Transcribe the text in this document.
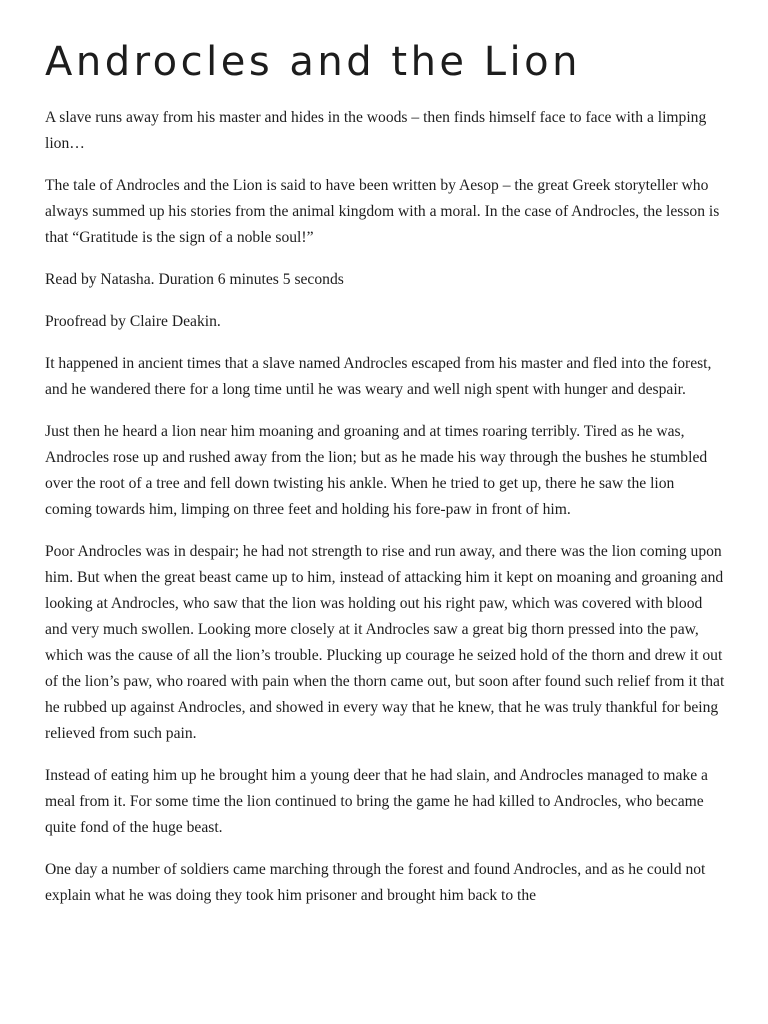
Androcles and the Lion

A slave runs away from his master and hides in the woods – then finds himself face to face with a limping lion…

The tale of Androcles and the Lion is said to have been written by Aesop – the great Greek storyteller who always summed up his stories from the animal kingdom with a moral. In the case of Androcles, the lesson is that “Gratitude is the sign of a noble soul!”

Read by Natasha. Duration 6 minutes 5 seconds

Proofread by Claire Deakin.

It happened in ancient times that a slave named Androcles escaped from his master and fled into the forest, and he wandered there for a long time until he was weary and well nigh spent with hunger and despair.

Just then he heard a lion near him moaning and groaning and at times roaring terribly. Tired as he was, Androcles rose up and rushed away from the lion; but as he made his way through the bushes he stumbled over the root of a tree and fell down twisting his ankle. When he tried to get up, there he saw the lion coming towards him, limping on three feet and holding his fore-paw in front of him.

Poor Androcles was in despair; he had not strength to rise and run away, and there was the lion coming upon him. But when the great beast came up to him, instead of attacking him it kept on moaning and groaning and looking at Androcles, who saw that the lion was holding out his right paw, which was covered with blood and very much swollen. Looking more closely at it Androcles saw a great big thorn pressed into the paw, which was the cause of all the lion’s trouble. Plucking up courage he seized hold of the thorn and drew it out of the lion’s paw, who roared with pain when the thorn came out, but soon after found such relief from it that he rubbed up against Androcles, and showed in every way that he knew, that he was truly thankful for being relieved from such pain.

Instead of eating him up he brought him a young deer that he had slain, and Androcles managed to make a meal from it. For some time the lion continued to bring the game he had killed to Androcles, who became quite fond of the huge beast.

One day a number of soldiers came marching through the forest and found Androcles, and as he could not explain what he was doing they took him prisoner and brought him back to the
